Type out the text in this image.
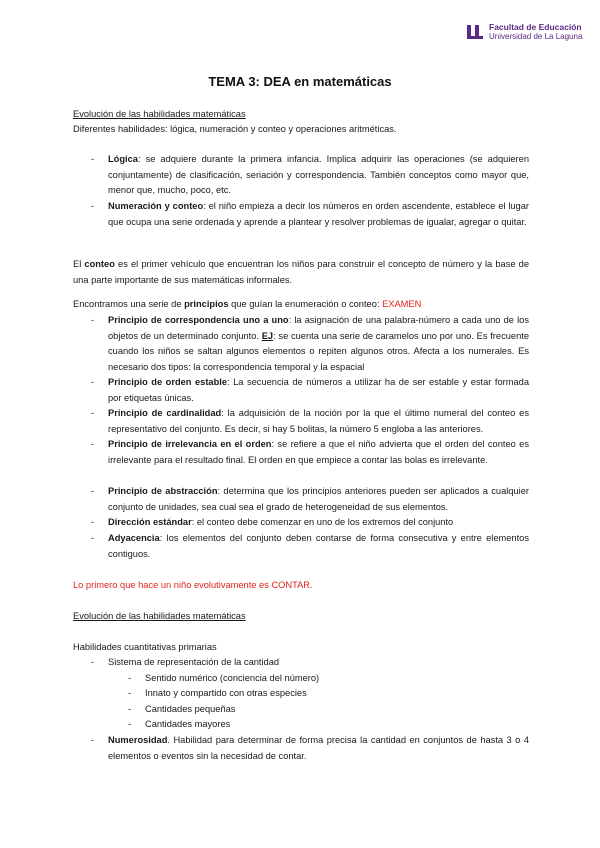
Facultad de Educación
Universidad de La Laguna
TEMA 3: DEA en matemáticas

Evolución de las habilidades matemáticas

Diferentes habilidades: lógica, numeración y conteo y operaciones aritméticas.

- Lógica: se adquiere durante la primera infancia. Implica adquirir las operaciones (se adquieren conjuntamente) de clasificación, seriación y correspondencia. También conceptos como mayor que, menor que, mucho, poco, etc.
- Numeración y conteo: el niño empieza a decir los números en orden ascendente, establece el lugar que ocupa una serie ordenada y aprende a plantear y resolver problemas de igualar, agregar o quitar.

El conteo es el primer vehículo que encuentran los niños para construir el concepto de número y la base de una parte importante de sus matemáticas informales.

Encontramos una serie de principios que guían la enumeración o conteo: EXAMEN

- Principio de correspondencia uno a uno: la asignación de una palabra-número a cada uno de los objetos de un determinado conjunto. EJ: se cuenta una serie de caramelos uno por uno. Es frecuente cuando los niños se saltan algunos elementos o repiten algunos otros. Afecta a los numerales. Es necesario dos tipos: la correspondencia temporal y la espacial
- Principio de orden estable: La secuencia de números a utilizar ha de ser estable y estar formada por etiquetas únicas.
- Principio de cardinalidad: la adquisición de la noción por la que el último numeral del conteo es representativo del conjunto. Es decir, si hay 5 bolitas, la número 5 engloba a las anteriores.
- Principio de irrelevancia en el orden: se refiere a que el niño advierta que el orden del conteo es irrelevante para el resultado final. El orden en que empiece a contar las bolas es irrelevante.
- Principio de abstracción: determina que los principios anteriores pueden ser aplicados a cualquier conjunto de unidades, sea cual sea el grado de heterogeneidad de sus elementos.
- Dirección estándar: el conteo debe comenzar en uno de los extremos del conjunto
- Adyacencia: los elementos del conjunto deben contarse de forma consecutiva y entre elementos contiguos.

Lo primero que hace un niño evolutivamente es CONTAR.

Evolución de las habilidades matemáticas

Habilidades cuantitativas primarias

- Sistema de representación de la cantidad
- Sentido numérico (conciencia del número)
- Innato y compartido con otras especies
- Cantidades pequeñas
- Cantidades mayores
- Numerosidad. Habilidad para determinar de forma precisa la cantidad en conjuntos de hasta 3 o 4 elementos o eventos sin la necesidad de contar.
